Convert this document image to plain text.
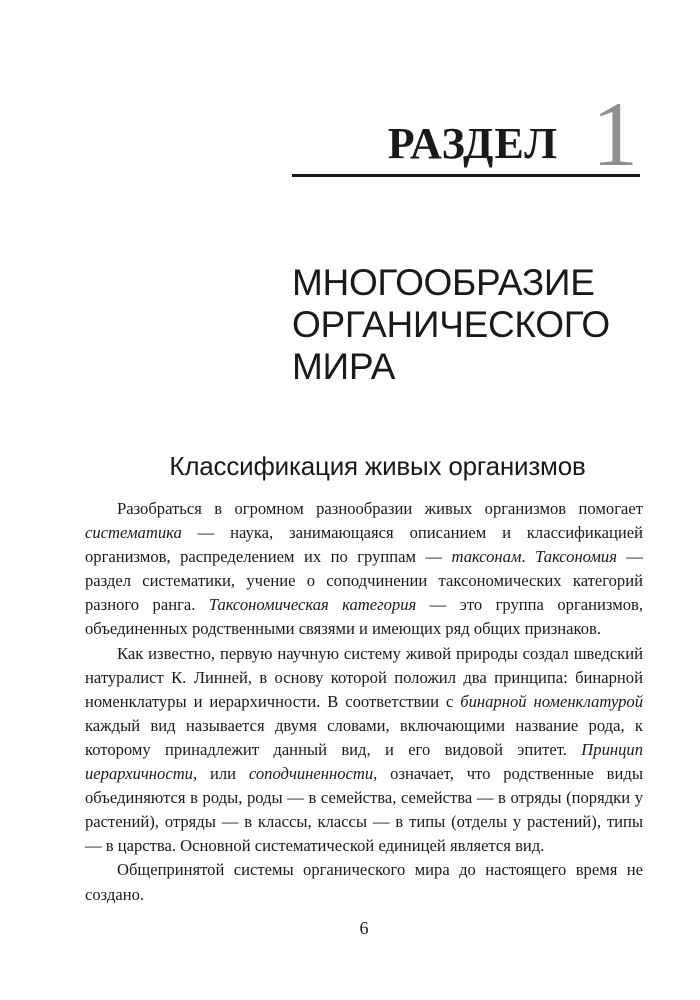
РАЗДЕЛ 1
МНОГООБРАЗИЕ
ОРГАНИЧЕСКОГО
МИРА
Классификация живых организмов

Разобраться в огромном разнообразии живых организмов помогает систематика — наука, занимающаяся описанием и классификацией организмов, распределением их по группам — таксонам. Таксономия — раздел систематики, учение о соподчинении таксономических категорий разного ранга. Таксономическая категория — это группа организмов, объединенных родственными связями и имеющих ряд общих признаков.

Как известно, первую научную систему живой природы создал шведский натуралист К. Линней, в основу которой положил два принципа: бинарной номенклатуры и иерархичности. В соответствии с бинарной номенклатурой каждый вид называется двумя словами, включающими название рода, к которому принадлежит данный вид, и его видовой эпитет. Принцип иерархичности, или соподчиненности, означает, что родственные виды объединяются в роды, роды — в семейства, семейства — в отряды (порядки у растений), отряды — в классы, классы — в типы (отделы у растений), типы — в царства. Основной систематической единицей является вид.

Общепринятой системы органического мира до настоящего время не создано.

6
